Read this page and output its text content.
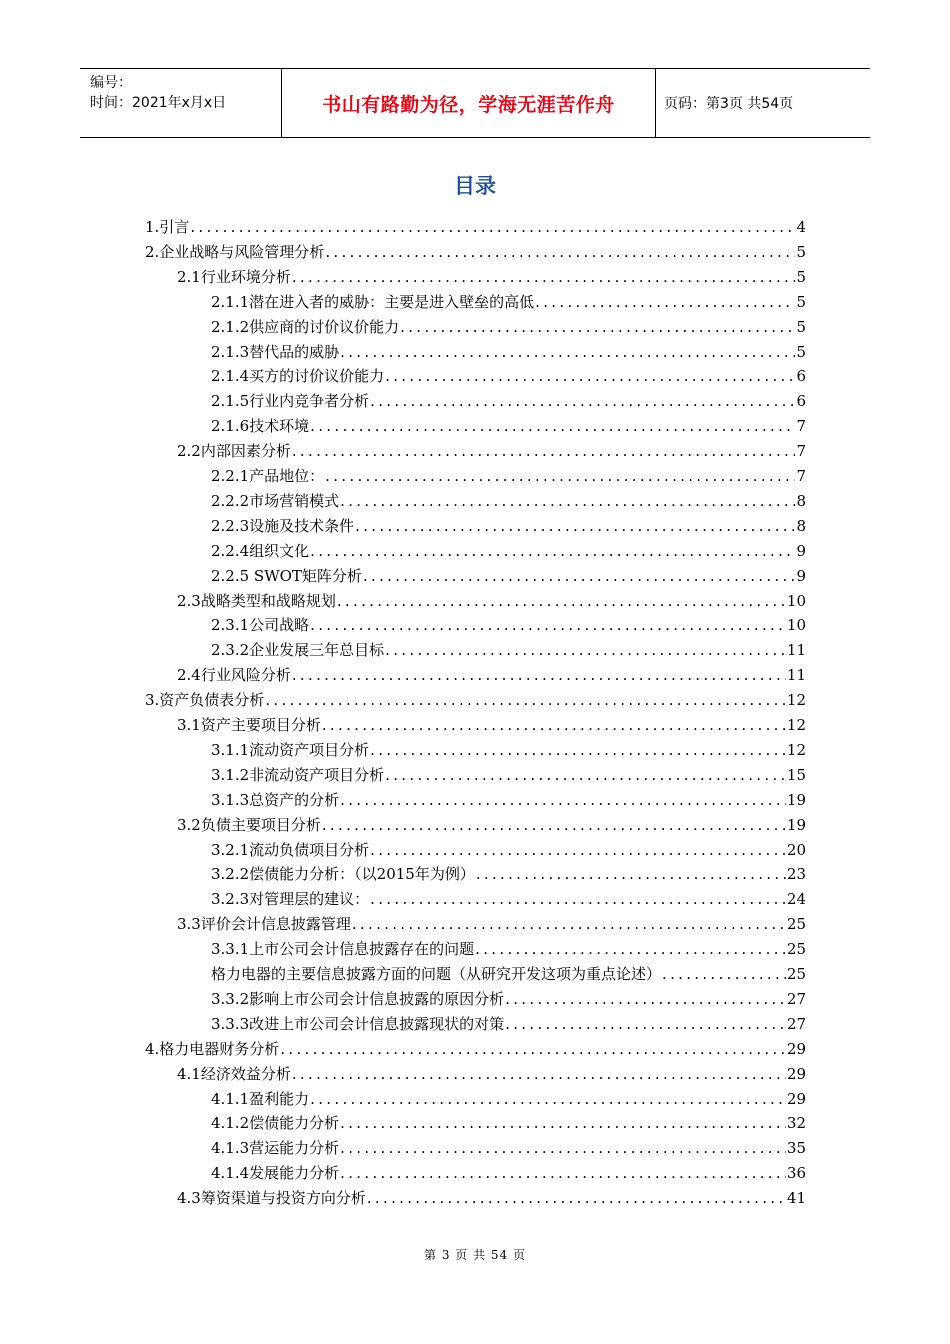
编号：
时间：2021年x月x日	书山有路勤为径，学海无涯苦作舟	页码：第3页 共54页
目录
1.引言 .....	4
2.企业战略与风险管理分析 .....	5
2.1行业环境分析 .....	5
2.1.1潜在进入者的威胁：主要是进入壁垒的高低 .....	5
2.1.2供应商的讨价议价能力 .....	5
2.1.3替代品的威胁 .....	5
2.1.4买方的讨价议价能力 .....	6
2.1.5行业内竞争者分析 .....	6
2.1.6技术环境 .....	7
2.2内部因素分析 .....	7
2.2.1产品地位： .....	7
2.2.2市场营销模式 .....	8
2.2.3设施及技术条件 .....	8
2.2.4组织文化 .....	9
2.2.5 SWOT矩阵分析 .....	9
2.3战略类型和战略规划 .....	10
2.3.1公司战略 .....	10
2.3.2企业发展三年总目标 .....	11
2.4行业风险分析 .....	11
3.资产负债表分析 .....	12
3.1资产主要项目分析 .....	12
3.1.1流动资产项目分析 .....	12
3.1.2非流动资产项目分析 .....	15
3.1.3总资产的分析 .....	19
3.2负债主要项目分析 .....	19
3.2.1流动负债项目分析 .....	20
3.2.2偿债能力分析：（以2015年为例） .....	23
3.2.3对管理层的建议： .....	24
3.3评价会计信息披露管理 .....	25
3.3.1上市公司会计信息披露存在的问题 .....	25
格力电器的主要信息披露方面的问题（从研究开发这项为重点论述） .....	25
3.3.2影响上市公司会计信息披露的原因分析 .....	27
3.3.3改进上市公司会计信息披露现状的对策 .....	27
4.格力电器财务分析 .....	29
4.1经济效益分析 .....	29
4.1.1盈利能力 .....	29
4.1.2偿债能力分析 .....	32
4.1.3营运能力分析 .....	35
4.1.4发展能力分析 .....	36
4.3筹资渠道与投资方向分析 .....	41
第 3 页 共 54 页
